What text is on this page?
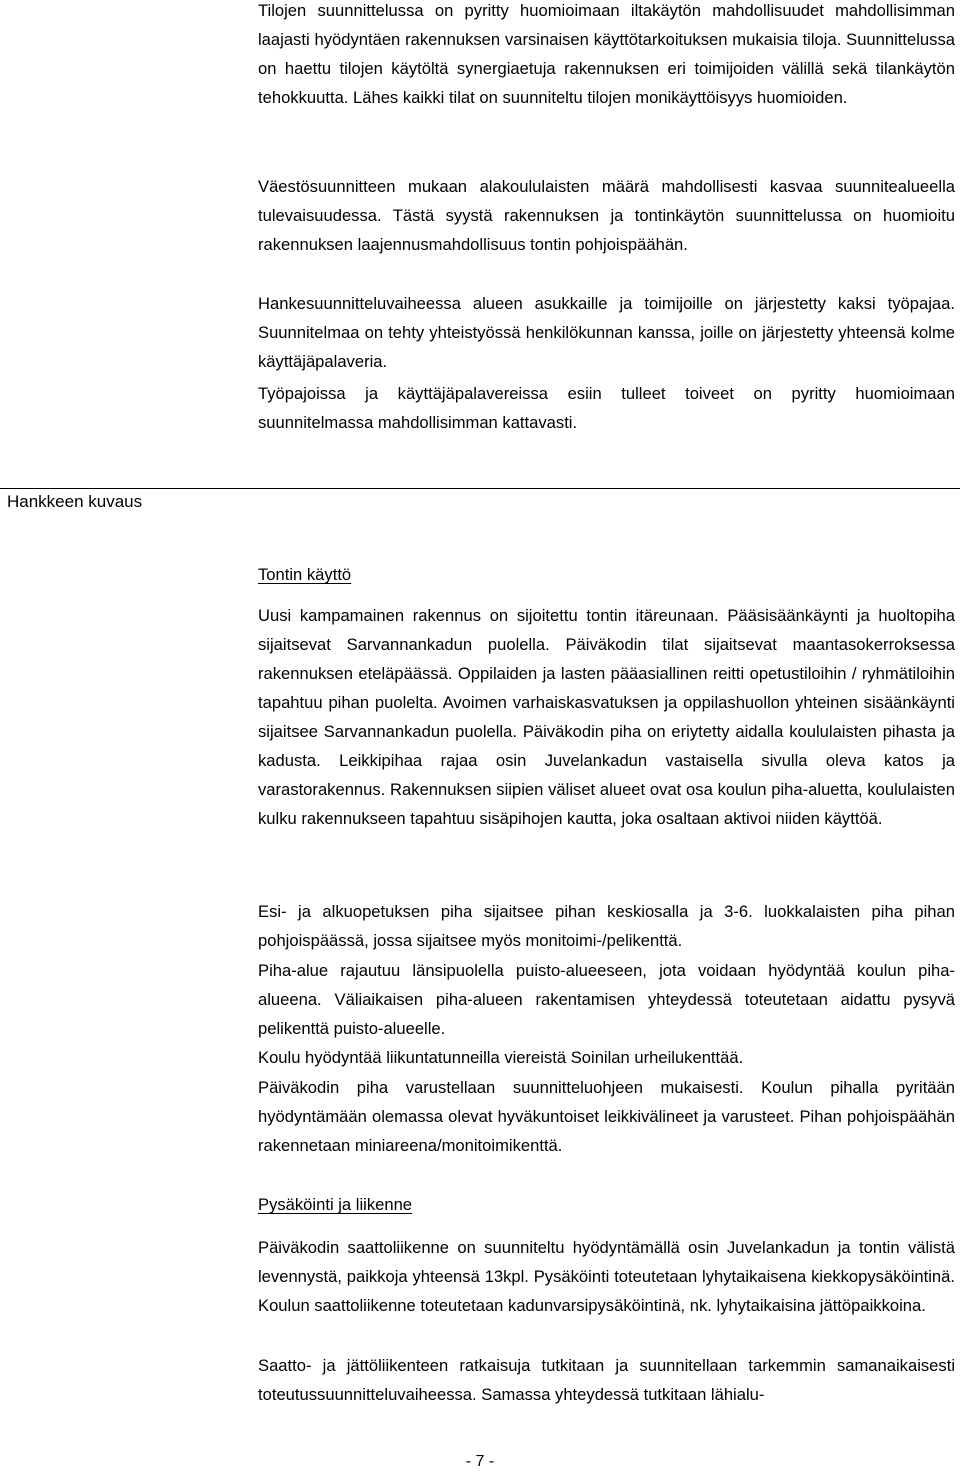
Tilojen suunnittelussa on pyritty huomioimaan iltakäytön mahdollisuudet mahdollisimman laajasti hyödyntäen rakennuksen varsinaisen käyttötarkoituksen mukaisia tiloja. Suunnittelussa on haettu tilojen käytöltä synergiaetuja rakennuksen eri toimijoiden välillä sekä tilankäytön tehokkuutta. Lähes kaikki tilat on suunniteltu tilojen monikäyttöisyys huomioiden.

Väestösuunnitteen mukaan alakoululaisten määrä mahdollisesti kasvaa suunnitealueella tulevaisuudessa. Tästä syystä rakennuksen ja tontinkäytön suunnittelussa on huomioitu rakennuksen laajennusmahdollisuus tontin pohjoispäähän.

Hankesuunnitteluvaiheessa alueen asukkaille ja toimijoille on järjestetty kaksi työpajaa. Suunnitelmaa on tehty yhteistyössä henkilökunnan kanssa, joille on järjestetty yhteensä kolme käyttäjäpalaveria.

Työpajoissa ja käyttäjäpalavereissa esiin tulleet toiveet on pyritty huomioimaan suunnitelmassa mahdollisimman kattavasti.

Hankkeen kuvaus
Tontin käyttö

Uusi kampamainen rakennus on sijoitettu tontin itäreunaan. Pääsisäänkäynti ja huoltopiha sijaitsevat Sarvannankadun puolella. Päiväkodin tilat sijaitsevat maantasokerroksessa rakennuksen eteläpäässä. Oppilaiden ja lasten pääasiallinen reitti opetustiloihin / ryhmätiloihin tapahtuu pihan puolelta. Avoimen varhaiskasvatuksen ja oppilashuollon yhteinen sisäänkäynti sijaitsee Sarvannankadun puolella. Päiväkodin piha on eriytetty aidalla koululaisten pihasta ja kadusta. Leikkipihaa rajaa osin Juvelankadun vastaisella sivulla oleva katos ja varastorakennus. Rakennuksen siipien väliset alueet ovat osa koulun piha-aluetta, koululaisten kulku rakennukseen tapahtuu sisäpihojen kautta, joka osaltaan aktivoi niiden käyttöä.

Esi- ja alkuopetuksen piha sijaitsee pihan keskiosalla ja 3-6. luokkalaisten piha pihan pohjoispäässä, jossa sijaitsee myös monitoimi-/pelikenttä.

Piha-alue rajautuu länsipuolella puisto-alueeseen, jota voidaan hyödyntää koulun piha-alueena. Väliaikaisen piha-alueen rakentamisen yhteydessä toteutetaan aidattu pysyvä pelikenttä puisto-alueelle.

Koulu hyödyntää liikuntatunneilla viereistä Soinilan urheilukenttää.

Päiväkodin piha varustellaan suunnitteluohjeen mukaisesti. Koulun pihalla pyritään hyödyntämään olemassa olevat hyväkuntoiset leikkivälineet ja varusteet. Pihan pohjoispäähän rakennetaan miniareena/monitoimikenttä.

Pysäköinti ja liikenne

Päiväkodin saattoliikenne on suunniteltu hyödyntämällä osin Juvelankadun ja tontin välistä levennystä, paikkoja yhteensä 13kpl. Pysäköinti toteutetaan lyhytaikaisena kiekkopysäköintinä. Koulun saattoliikenne toteutetaan kadunvarsipysäköintinä, nk. lyhytaikaisina jättöpaikkoina.

Saatto- ja jättöliikenteen ratkaisuja tutkitaan ja suunnitellaan tarkemmin samanaikaisesti toteutussuunnitteluvaiheessa. Samassa yhteydessä tutkitaan lähialu-

- 7 -
